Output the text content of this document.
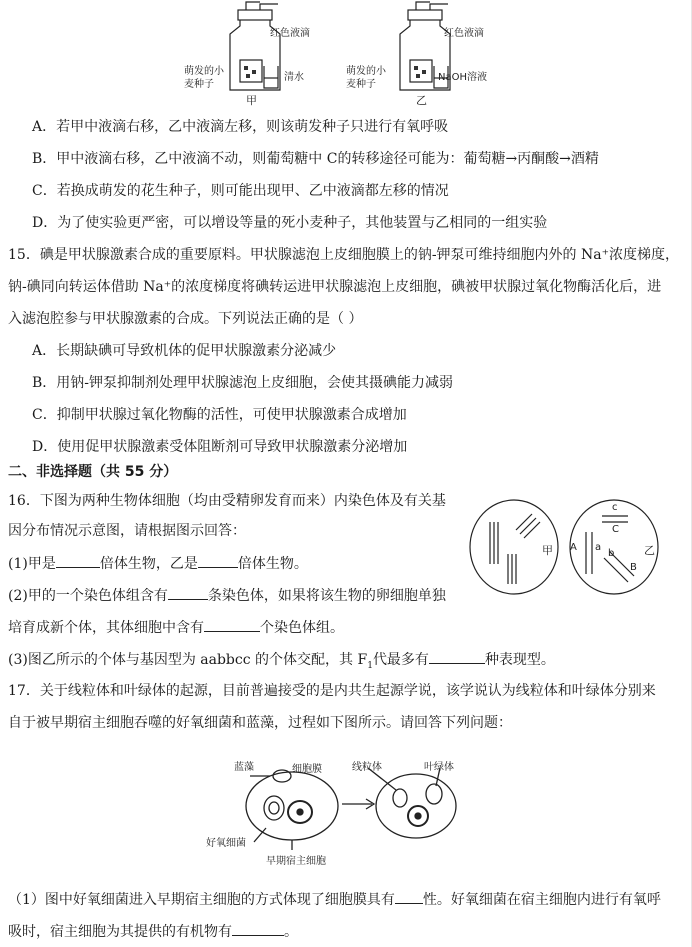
红色液滴
萌发的小
麦种子
清水
甲
红色液滴
萌发的小
麦种子
NaOH溶液
乙
A．若甲中液滴右移，乙中液滴左移，则该萌发种子只进行有氧呼吸
B．甲中液滴右移，乙中液滴不动，则葡萄糖中 C的转移途径可能为：葡萄糖→丙酮酸→酒精
C．若换成萌发的花生种子，则可能出现甲、乙中液滴都左移的情况
D．为了使实验更严密，可以增设等量的死小麦种子，其他装置与乙相同的一组实验
15．碘是甲状腺激素合成的重要原料。甲状腺滤泡上皮细胞膜上的钠-钾泵可维持细胞内外的 Na⁺浓度梯度，
钠-碘同向转运体借助 Na⁺的浓度梯度将碘转运进甲状腺滤泡上皮细胞，碘被甲状腺过氧化物酶活化后，进
入滤泡腔参与甲状腺激素的合成。下列说法正确的是（ ）
A．长期缺碘可导致机体的促甲状腺激素分泌减少
B．用钠-钾泵抑制剂处理甲状腺滤泡上皮细胞，会使其摄碘能力减弱
C．抑制甲状腺过氧化物酶的活性，可使甲状腺激素合成增加
D．使用促甲状腺激素受体阻断剂可导致甲状腺激素分泌增加
二、非选择题（共 55 分）
16．下图为两种生物体细胞（均由受精卵发育而来）内染色体及有关基
因分布情况示意图，请根据图示回答：
(1)甲是	倍体生物，乙是	倍体生物。
(2)甲的一个染色体组含有	条染色体，如果将该生物的卵细胞单独
培育成新个体，其体细胞中含有	个染色体组。
(3)图乙所示的个体与基因型为 aabbcc 的个体交配，其 $F_1$代最多有	种表现型。
甲	乙
A a
b
B
c
C
17．关于线粒体和叶绿体的起源，目前普遍接受的是内共生起源学说，该学说认为线粒体和叶绿体分别来
自于被早期宿主细胞吞噬的好氧细菌和蓝藻，过程如下图所示。请回答下列问题：
蓝藻	细胞膜	线粒体	叶绿体
好氧细菌
早期宿主细胞
（1）图中好氧细菌进入早期宿主细胞的方式体现了细胞膜具有 性。好氧细菌在宿主细胞内进行有氧呼
吸时，宿主细胞为其提供的有机物有	。
